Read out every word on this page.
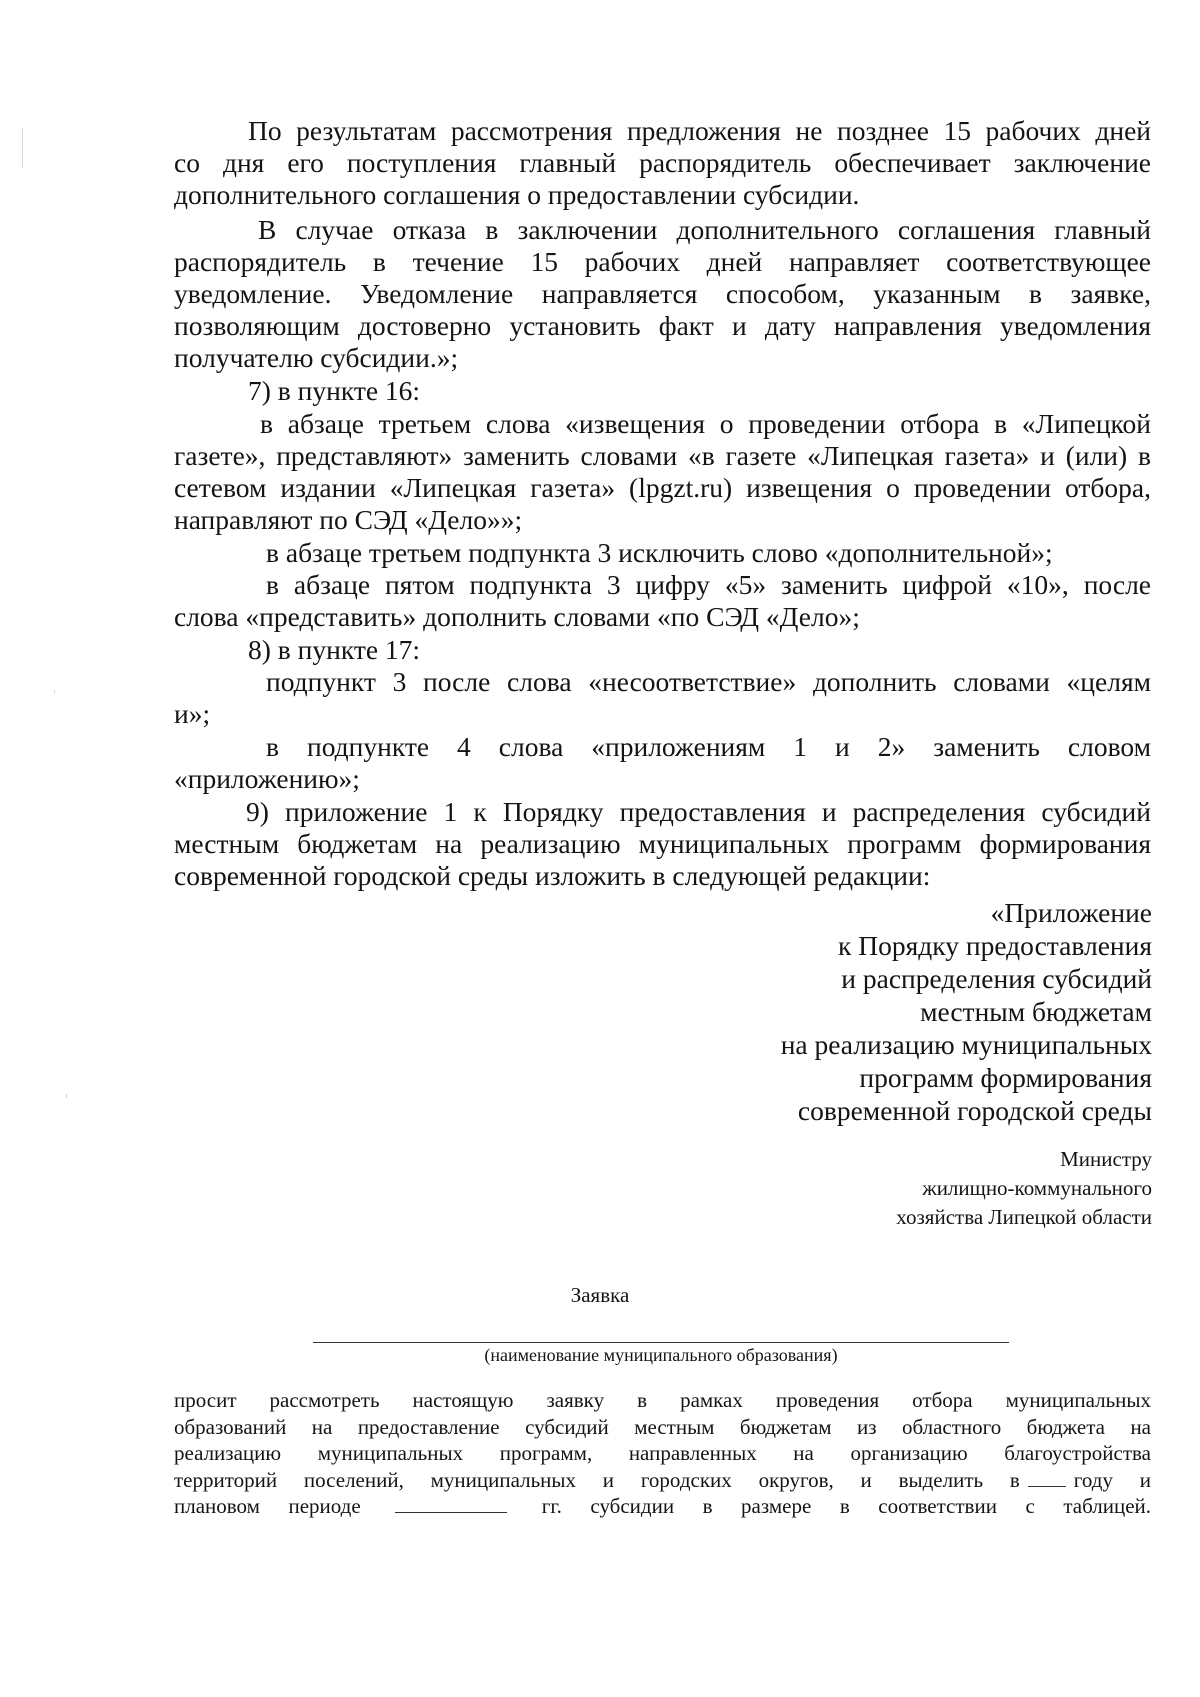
По результатам рассмотрения предложения не позднее 15 рабочих дней
со дня его поступления главный распорядитель обеспечивает заключение
дополнительного соглашения о предоставлении субсидии.
В случае отказа в заключении дополнительного соглашения главный
распорядитель в течение 15 рабочих дней направляет соответствующее
уведомление. Уведомление направляется способом, указанным в заявке,
позволяющим достоверно установить факт и дату направления уведомления
получателю субсидии.»;
7) в пункте 16:
в абзаце третьем слова «извещения о проведении отбора в «Липецкой
газете», представляют» заменить словами «в газете «Липецкая газета» и (или) в
сетевом издании «Липецкая газета» (lpgzt.ru) извещения о проведении отбора,
направляют по СЭД «Дело»»;
в абзаце третьем подпункта 3 исключить слово «дополнительной»;
в абзаце пятом подпункта 3 цифру «5» заменить цифрой «10», после
слова «представить» дополнить словами «по СЭД «Дело»;
8) в пункте 17:
подпункт 3 после слова «несоответствие» дополнить словами «целям
и»;
в подпункте 4 слова «приложениям 1 и 2» заменить словом
«приложению»;
9) приложение 1 к Порядку предоставления и распределения субсидий
местным бюджетам на реализацию муниципальных программ формирования
современной городской среды изложить в следующей редакции:
«Приложение
к Порядку предоставления
и распределения субсидий
местным бюджетам
на реализацию муниципальных
программ формирования
современной городской среды
Министру
жилищно-коммунального
хозяйства Липецкой области
Заявка
(наименование муниципального образования)
просит рассмотреть настоящую заявку в рамках проведения отбора муниципальных
образований на предоставление субсидий местным бюджетам из областного бюджета на
реализацию муниципальных программ, направленных на организацию благоустройства
территорий поселений, муниципальных и городских округов, и выделить в	году и
плановом периоде	гг. субсидии в размере в соответствии с таблицей.
